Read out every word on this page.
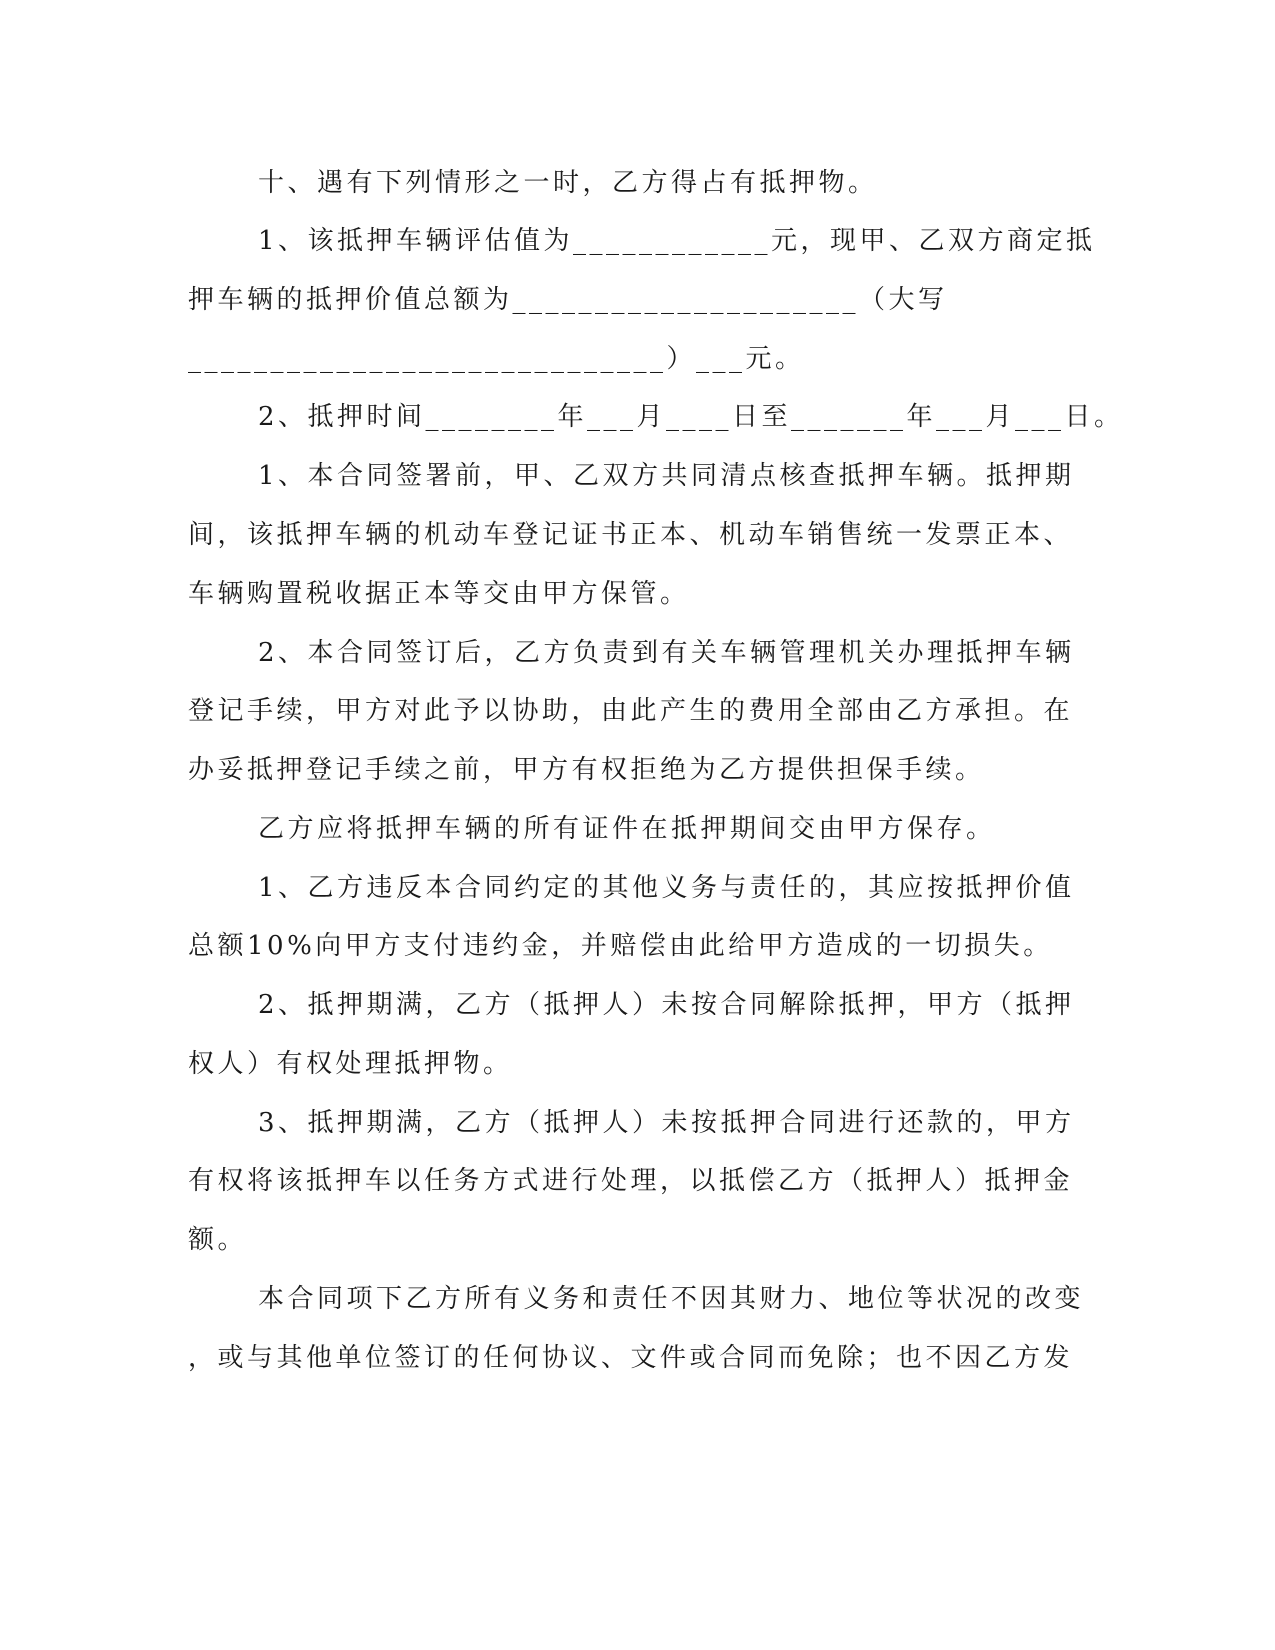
十、遇有下列情形之一时，乙方得占有抵押物。
1、该抵押车辆评估值为____________元，现甲、乙双方商定抵
押车辆的抵押价值总额为_____________________（大写
_____________________________）___元。
2、抵押时间________年___月____日至_______年___月___日。
1、本合同签署前，甲、乙双方共同清点核查抵押车辆。抵押期
间，该抵押车辆的机动车登记证书正本、机动车销售统一发票正本、
车辆购置税收据正本等交由甲方保管。
2、本合同签订后，乙方负责到有关车辆管理机关办理抵押车辆
登记手续，甲方对此予以协助，由此产生的费用全部由乙方承担。在
办妥抵押登记手续之前，甲方有权拒绝为乙方提供担保手续。
乙方应将抵押车辆的所有证件在抵押期间交由甲方保存。
1、乙方违反本合同约定的其他义务与责任的，其应按抵押价值
总额10%向甲方支付违约金，并赔偿由此给甲方造成的一切损失。
2、抵押期满，乙方（抵押人）未按合同解除抵押，甲方（抵押
权人）有权处理抵押物。
3、抵押期满，乙方（抵押人）未按抵押合同进行还款的，甲方
有权将该抵押车以任务方式进行处理，以抵偿乙方（抵押人）抵押金
额。
本合同项下乙方所有义务和责任不因其财力、地位等状况的改变
，或与其他单位签订的任何协议、文件或合同而免除；也不因乙方发
